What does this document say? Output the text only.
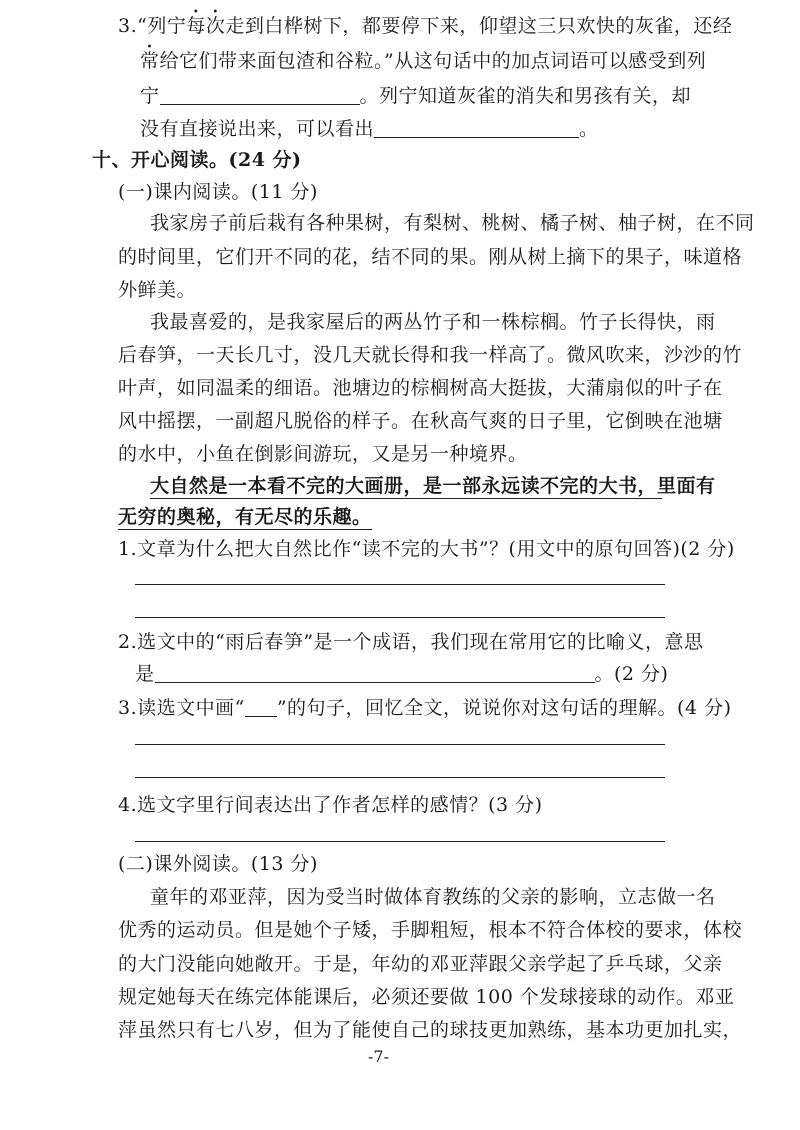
3.“列宁每次走到白桦树下，都要停下来，仰望这三只欢快的灰雀，还经
常给它们带来面包渣和谷粒。”从这句话中的加点词语可以感受到列
宁	。列宁知道灰雀的消失和男孩有关，却
没有直接说出来，可以看出	。
十、开心阅读。(24 分)
(一)课内阅读。(11 分)
我家房子前后栽有各种果树，有梨树、桃树、橘子树、柚子树，在不同
的时间里，它们开不同的花，结不同的果。刚从树上摘下的果子，味道格
外鲜美。
我最喜爱的，是我家屋后的两丛竹子和一株棕榈。竹子长得快，雨
后春笋，一天长几寸，没几天就长得和我一样高了。微风吹来，沙沙的竹
叶声，如同温柔的细语。池塘边的棕榈树高大挺拔，大蒲扇似的叶子在
风中摇摆，一副超凡脱俗的样子。在秋高气爽的日子里，它倒映在池塘
的水中，小鱼在倒影间游玩，又是另一种境界。
大自然是一本看不完的大画册，是一部永远读不完的大书，里面有
无穷的奥秘，有无尽的乐趣。
1.文章为什么把大自然比作“读不完的大书”？(用文中的原句回答)(2 分)
2.选文中的“雨后春笋”是一个成语，我们现在常用它的比喻义，意思
是	。(2 分)
3.读选文中画“ ”的句子，回忆全文，说说你对这句话的理解。(4 分)
4.选文字里行间表达出了作者怎样的感情？(3 分)
(二)课外阅读。(13 分)
童年的邓亚萍，因为受当时做体育教练的父亲的影响，立志做一名
优秀的运动员。但是她个子矮，手脚粗短，根本不符合体校的要求，体校
的大门没能向她敞开。于是，年幼的邓亚萍跟父亲学起了乒乓球，父亲
规定她每天在练完体能课后，必须还要做 100 个发球接球的动作。邓亚
萍虽然只有七八岁，但为了能使自己的球技更加熟练，基本功更加扎实，
-7-
